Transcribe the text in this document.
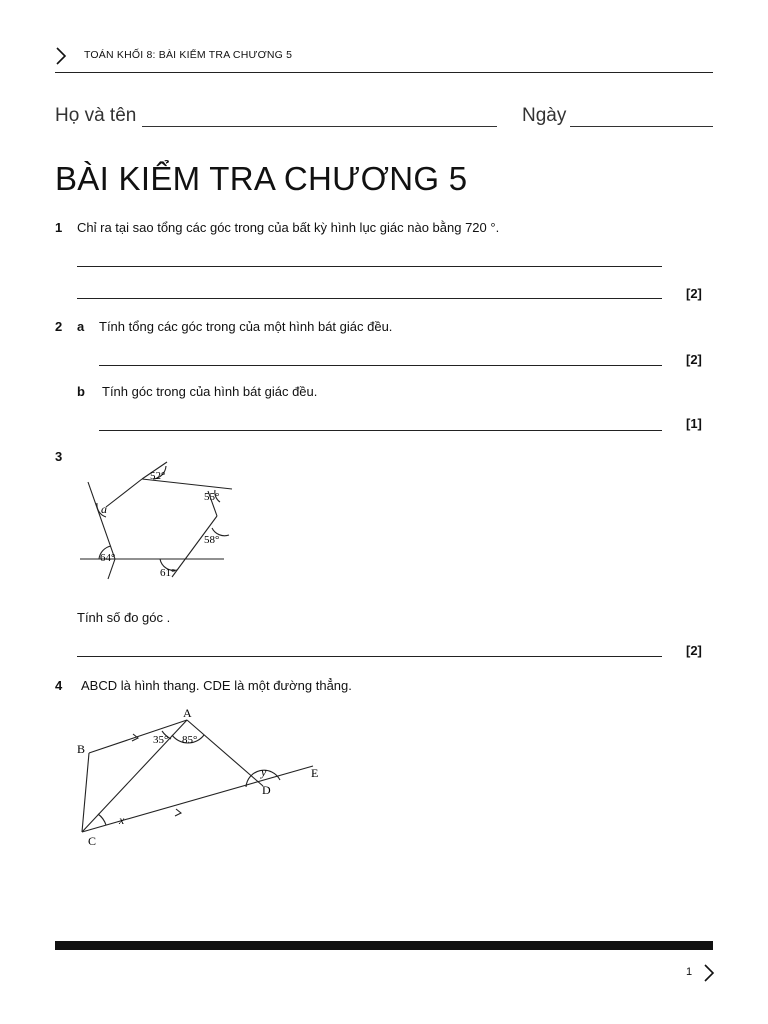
TOÁN KHỐI 8: BÀI KIỂM TRA CHƯƠNG 5
Họ và tên	Ngày
BÀI KIỂM TRA CHƯƠNG 5
1 Chỉ ra tại sao tổng các góc trong của bất kỳ hình lục giác nào bằng 720 °.
[2]
2 a Tính tổng các góc trong của một hình bát giác đều.
[2]
b Tính góc trong của hình bát giác đều.
[1]
3
52°
55°
58°
61°
64°
a
Tính số đo góc .
[2]
4 ABCD là hình thang. CDE là một đường thẳng.
A
B
C
D
E
35° 85°
x
y
1
